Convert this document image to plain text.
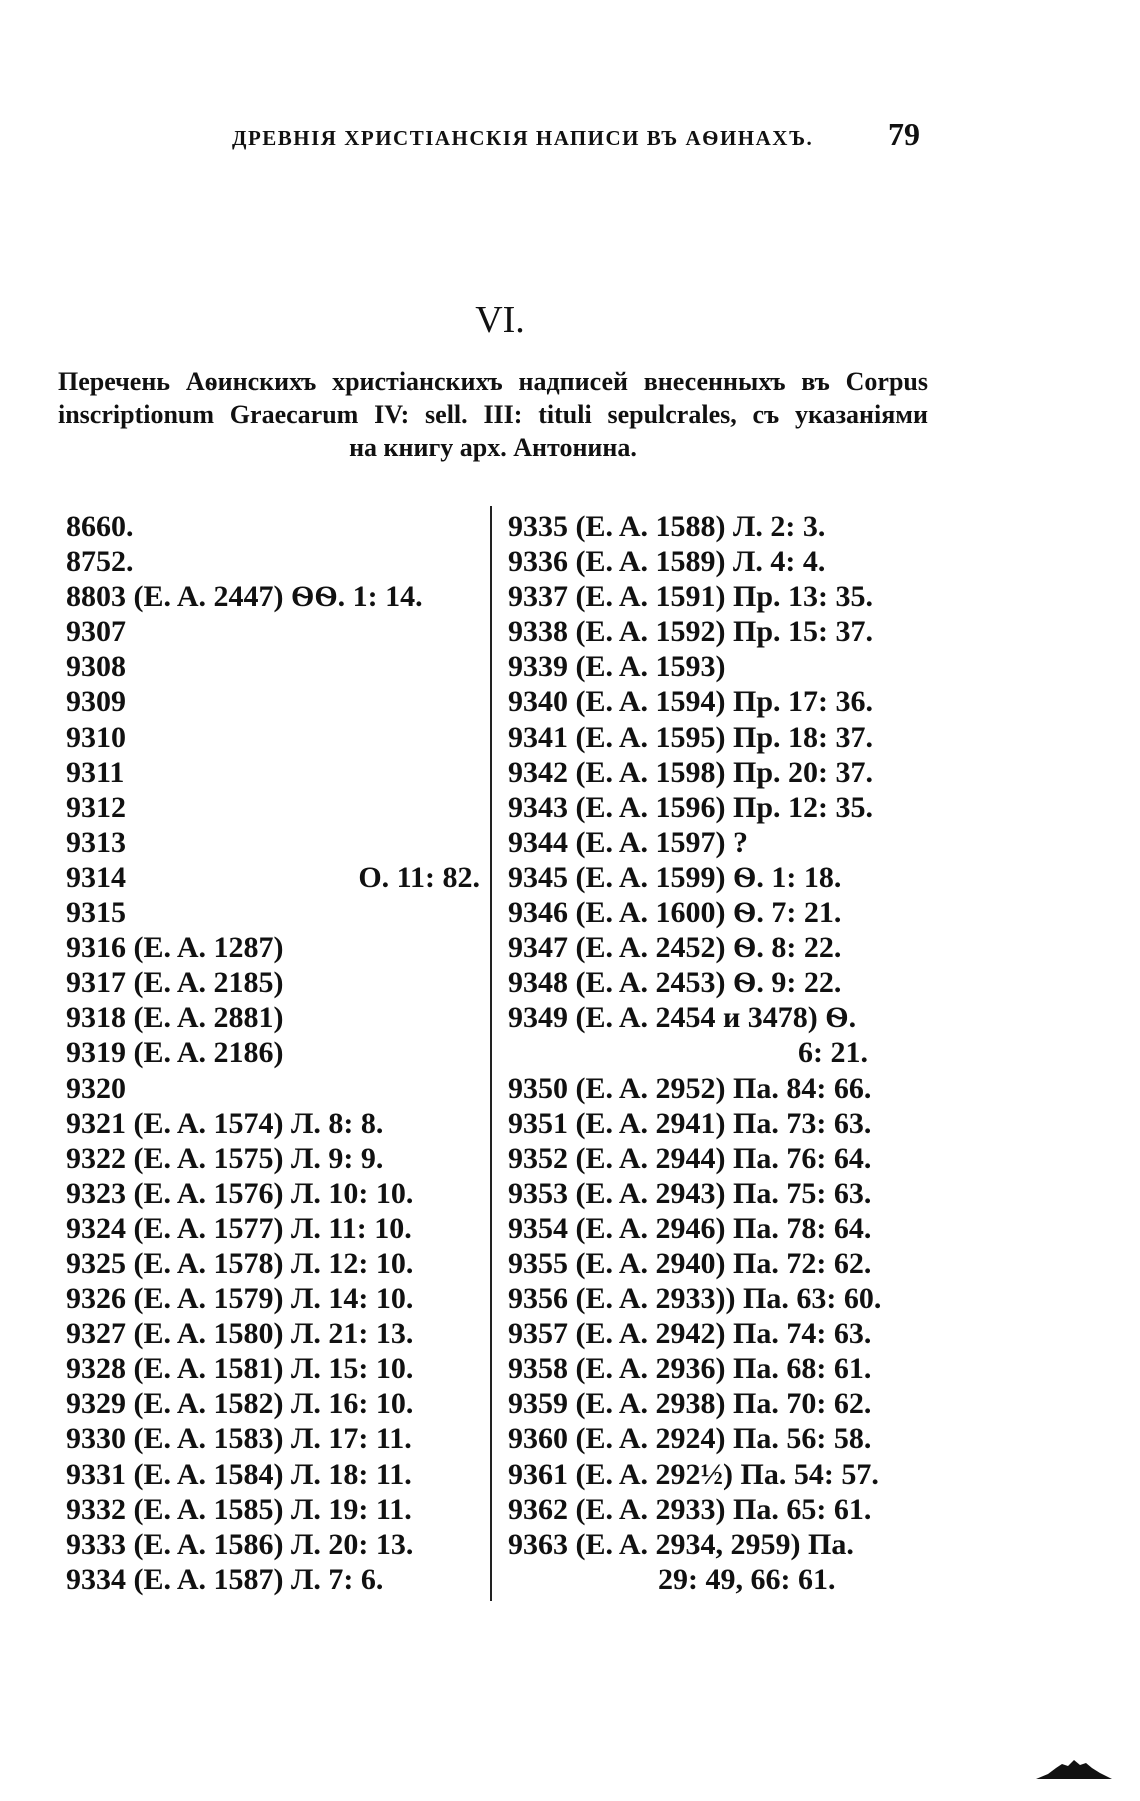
ДРЕВНІЯ ХРИСТІАНСКІЯ НАПИСИ ВЪ АѲИНАХЪ. 79
VI.
Перечень Аѳинскихъ христіанскихъ надписей внесенныхъ въ Corpus
inscriptionum Graecarum IV: sell. III: tituli sepulcrales, съ указаніями
на книгу арх. Антонина.
8660.
8752.
8803 (E. A. 2447) ѲѲ. 1: 14.
9307
9308
9309
9310
9311
9312
9313
9314	O. 11: 82.
9315
9316 (E. A. 1287)
9317 (E. A. 2185)
9318 (E. A. 2881)
9319 (E. A. 2186)
9320
9321 (E. A. 1574) Л. 8: 8.
9322 (E. A. 1575) Л. 9: 9.
9323 (E. A. 1576) Л. 10: 10.
9324 (E. A. 1577) Л. 11: 10.
9325 (E. A. 1578) Л. 12: 10.
9326 (E. A. 1579) Л. 14: 10.
9327 (E. A. 1580) Л. 21: 13.
9328 (E. A. 1581) Л. 15: 10.
9329 (E. A. 1582) Л. 16: 10.
9330 (E. A. 1583) Л. 17: 11.
9331 (E. A. 1584) Л. 18: 11.
9332 (E. A. 1585) Л. 19: 11.
9333 (E. A. 1586) Л. 20: 13.
9334 (E. A. 1587) Л. 7: 6.
9335 (E. A. 1588) Л. 2: 3.
9336 (E. A. 1589) Л. 4: 4.
9337 (E. A. 1591) Пр. 13: 35.
9338 (E. A. 1592) Пр. 15: 37.
9339 (E. A. 1593)
9340 (E. A. 1594) Пр. 17: 36.
9341 (E. A. 1595) Пр. 18: 37.
9342 (E. A. 1598) Пр. 20: 37.
9343 (E. A. 1596) Пр. 12: 35.
9344 (E. A. 1597) ?
9345 (E. A. 1599) Ѳ. 1: 18.
9346 (E. A. 1600) Ѳ. 7: 21.
9347 (E. A. 2452) Ѳ. 8: 22.
9348 (E. A. 2453) Ѳ. 9: 22.
9349 (E. A. 2454 и 3478) Ѳ.
6: 21.
9350 (E. A. 2952) Па. 84: 66.
9351 (E. A. 2941) Па. 73: 63.
9352 (E. A. 2944) Па. 76: 64.
9353 (E. A. 2943) Па. 75: 63.
9354 (E. A. 2946) Па. 78: 64.
9355 (E. A. 2940) Па. 72: 62.
9356 (E. A. 2933)) Па. 63: 60.
9357 (E. A. 2942) Па. 74: 63.
9358 (E. A. 2936) Па. 68: 61.
9359 (E. A. 2938) Па. 70: 62.
9360 (E. A. 2924) Па. 56: 58.
9361 (E. A. 292½) Па. 54: 57.
9362 (E. A. 2933) Па. 65: 61.
9363 (E. A. 2934, 2959) Па.
29: 49, 66: 61.
